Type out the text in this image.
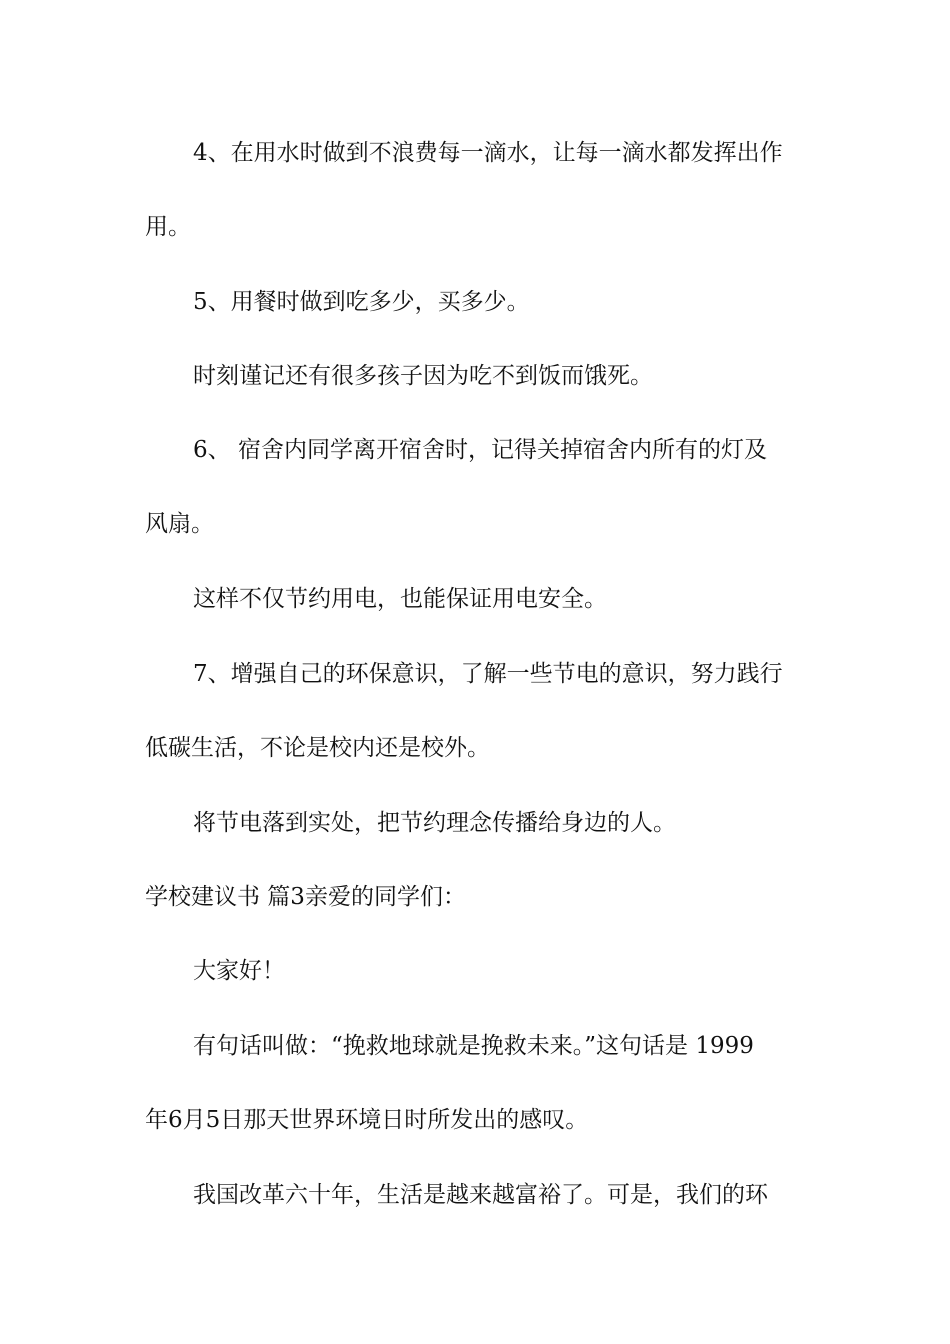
4、在用水时做到不浪费每一滴水，让每一滴水都发挥出作
用。
5、用餐时做到吃多少，买多少。
时刻谨记还有很多孩子因为吃不到饭而饿死。
6、 宿舍内同学离开宿舍时，记得关掉宿舍内所有的灯及
风扇。
这样不仅节约用电，也能保证用电安全。
7、增强自己的环保意识，了解一些节电的意识，努力践行
低碳生活，不论是校内还是校外。
将节电落到实处，把节约理念传播给身边的人。
学校建议书 篇3亲爱的同学们：
大家好！
有句话叫做：“挽救地球就是挽救未来。”这句话是 1999
年6月5日那天世界环境日时所发出的感叹。
我国改革六十年，生活是越来越富裕了。可是，我们的环
